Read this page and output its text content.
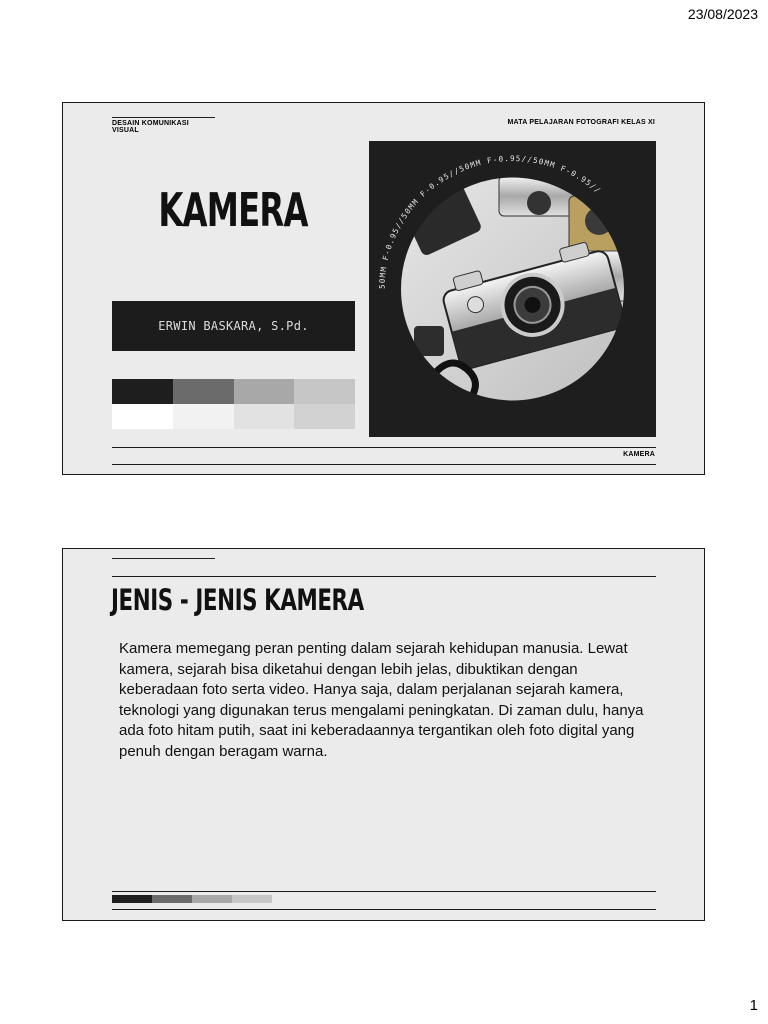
23/08/2023
DESAIN KOMUNIKASI VISUAL
MATA PELAJARAN FOTOGRAFI KELAS XI
KAMERA
ERWIN BASKARA, S.Pd.
50MM F-0.95//50MM F-0.95//50MM F-0.95//50MM F-0.95//
KAMERA
JENIS - JENIS KAMERA
Kamera memegang peran penting dalam sejarah kehidupan manusia. Lewat kamera, sejarah bisa diketahui dengan lebih jelas, dibuktikan dengan keberadaan foto serta video. Hanya saja, dalam perjalanan sejarah kamera, teknologi yang digunakan terus mengalami peningkatan. Di zaman dulu, hanya ada foto hitam putih, saat ini keberadaannya tergantikan oleh foto digital yang penuh dengan beragam warna.
1
